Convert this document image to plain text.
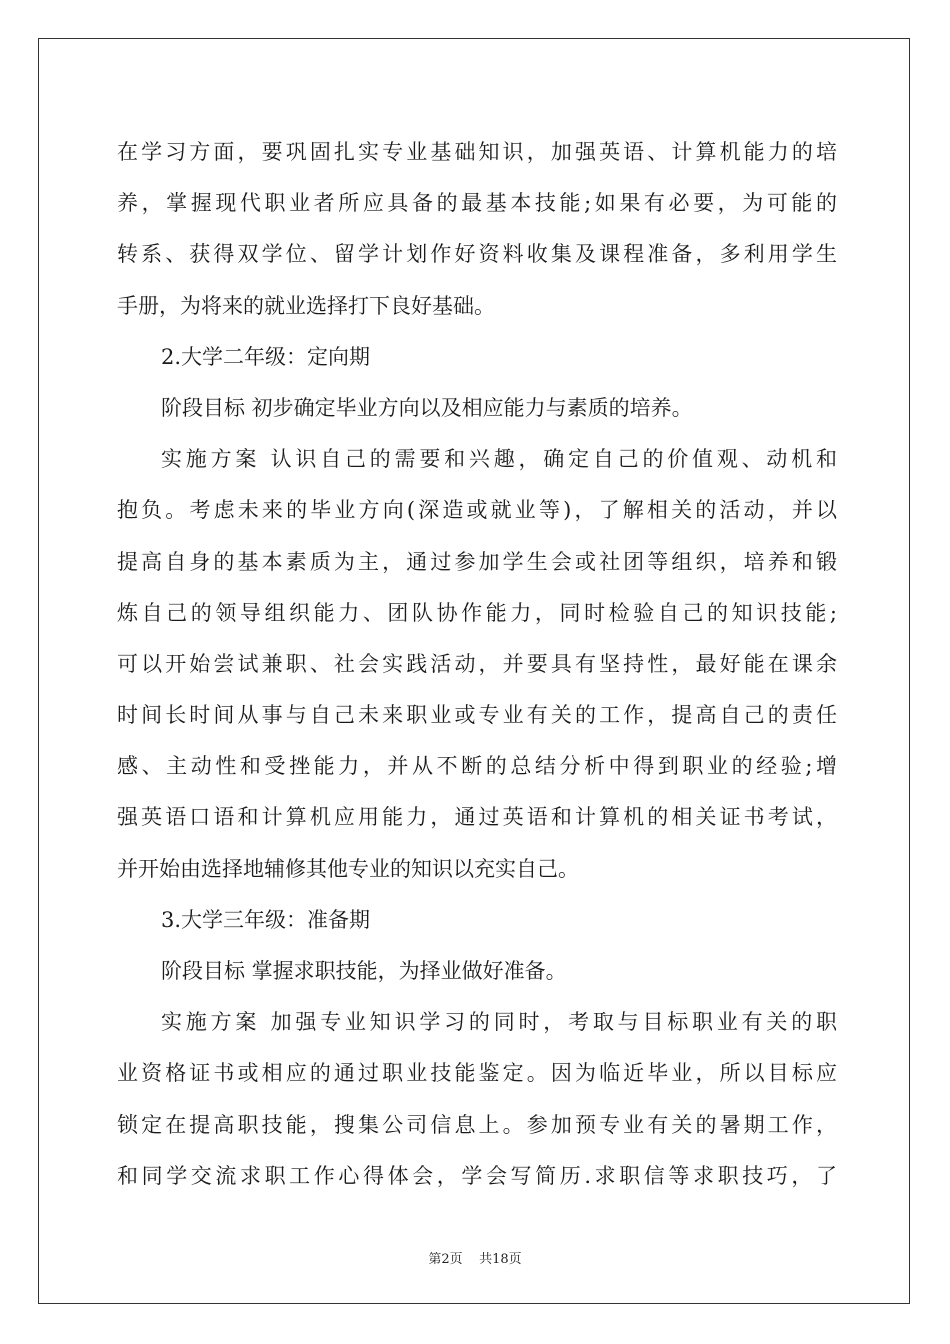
在学习方面，要巩固扎实专业基础知识，加强英语、计算机能力的培
养，掌握现代职业者所应具备的最基本技能;如果有必要，为可能的
转系、获得双学位、留学计划作好资料收集及课程准备，多利用学生
手册，为将来的就业选择打下良好基础。
2.大学二年级：定向期
阶段目标 初步确定毕业方向以及相应能力与素质的培养。
实施方案 认识自己的需要和兴趣，确定自己的价值观、动机和
抱负。考虑未来的毕业方向(深造或就业等)，了解相关的活动，并以
提高自身的基本素质为主，通过参加学生会或社团等组织，培养和锻
炼自己的领导组织能力、团队协作能力，同时检验自己的知识技能;
可以开始尝试兼职、社会实践活动，并要具有坚持性，最好能在课余
时间长时间从事与自己未来职业或专业有关的工作，提高自己的责任
感、主动性和受挫能力，并从不断的总结分析中得到职业的经验;增
强英语口语和计算机应用能力，通过英语和计算机的相关证书考试，
并开始由选择地辅修其他专业的知识以充实自己。
3.大学三年级：准备期
阶段目标 掌握求职技能，为择业做好准备。
实施方案 加强专业知识学习的同时，考取与目标职业有关的职
业资格证书或相应的通过职业技能鉴定。因为临近毕业，所以目标应
锁定在提高职技能，搜集公司信息上。参加预专业有关的暑期工作，
和同学交流求职工作心得体会，学会写简历.求职信等求职技巧，了
第2页 共18页
